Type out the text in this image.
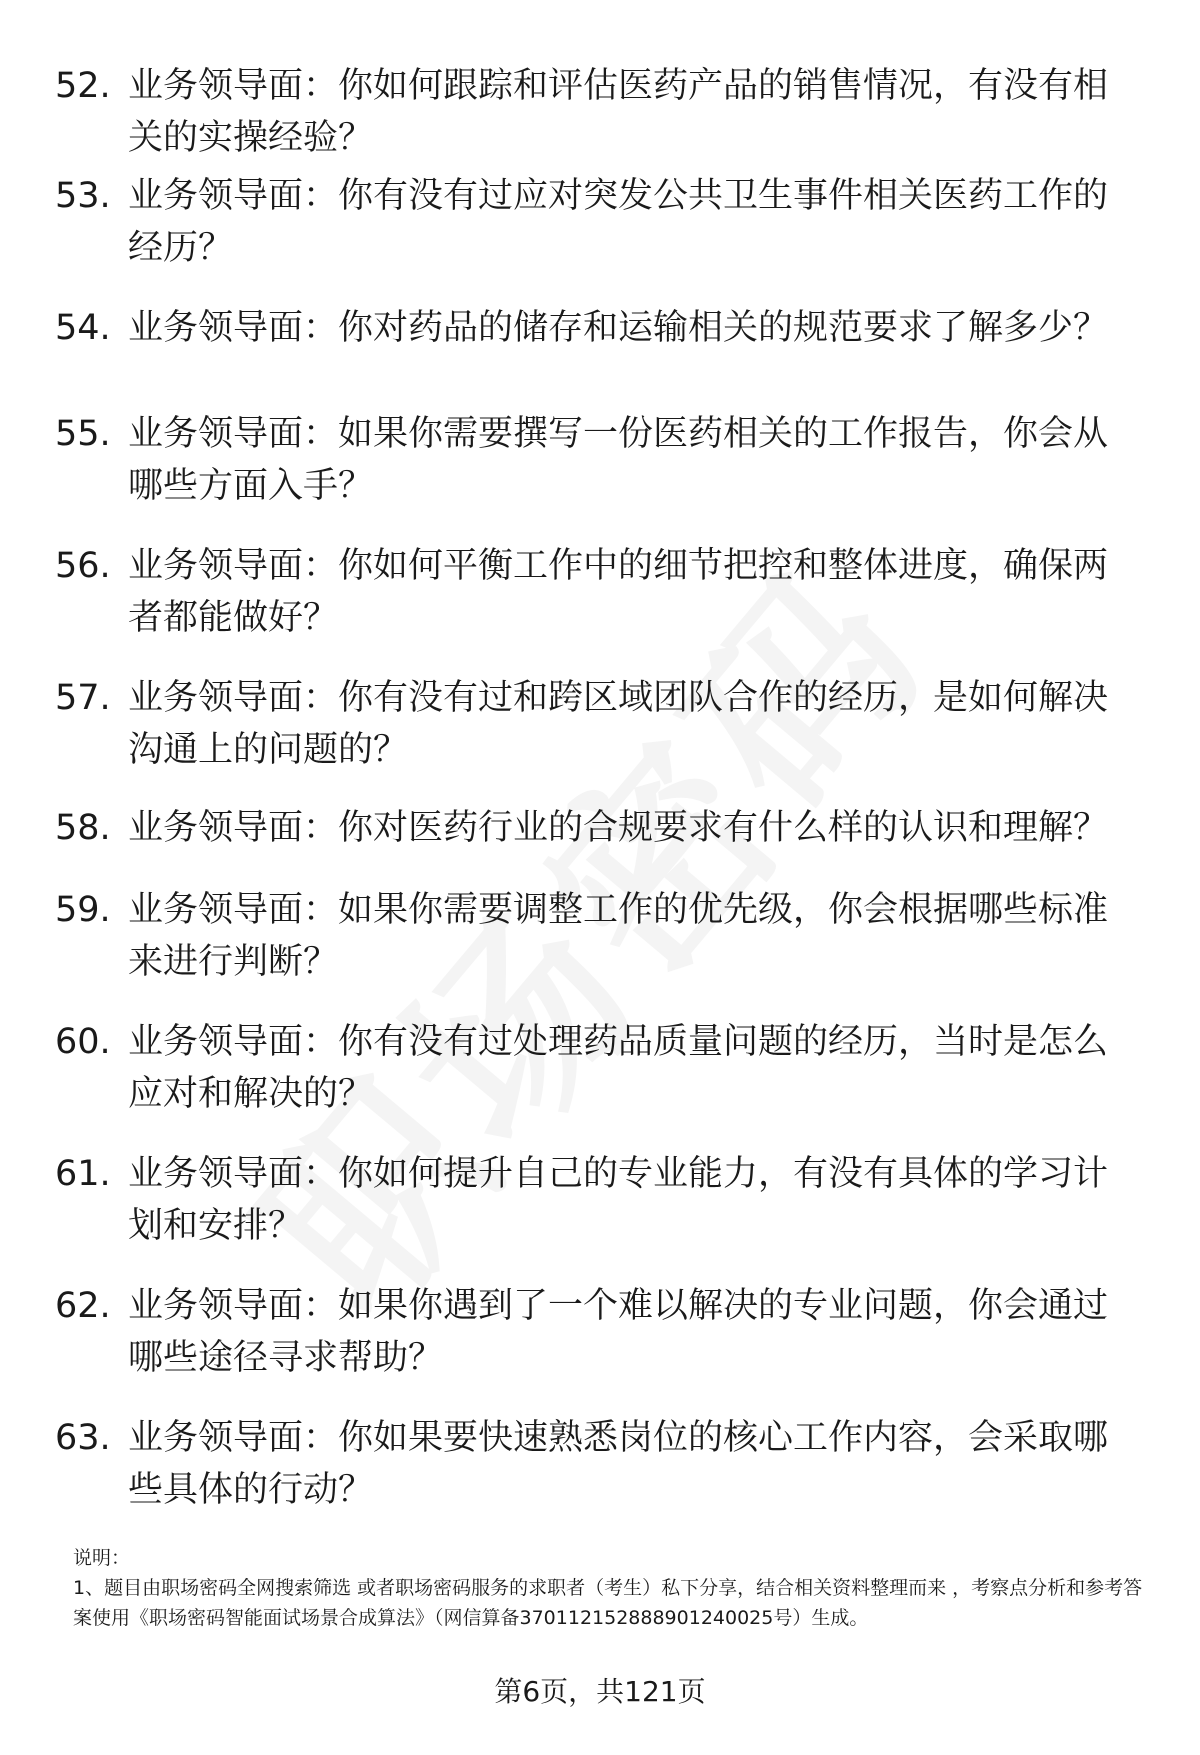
52. 业务领导面：你如何跟踪和评估医药产品的销售情况，有没有相关的实操经验？
53. 业务领导面：你有没有过应对突发公共卫生事件相关医药工作的经历？
54. 业务领导面：你对药品的储存和运输相关的规范要求了解多少？
55. 业务领导面：如果你需要撰写一份医药相关的工作报告，你会从哪些方面入手？
56. 业务领导面：你如何平衡工作中的细节把控和整体进度，确保两者都能做好？
57. 业务领导面：你有没有过和跨区域团队合作的经历，是如何解决沟通上的问题的？
58. 业务领导面：你对医药行业的合规要求有什么样的认识和理解？
59. 业务领导面：如果你需要调整工作的优先级，你会根据哪些标准来进行判断？
60. 业务领导面：你有没有过处理药品质量问题的经历，当时是怎么应对和解决的？
61. 业务领导面：你如何提升自己的专业能力，有没有具体的学习计划和安排？
62. 业务领导面：如果你遇到了一个难以解决的专业问题，你会通过哪些途径寻求帮助？
63. 业务领导面：你如果要快速熟悉岗位的核心工作内容，会采取哪些具体的行动？
说明：
1、题目由职场密码全网搜索筛选 或者职场密码服务的求职者（考生）私下分享，结合相关资料整理而来 ，考察点分析和参考答案使用《职场密码智能面试场景合成算法》（网信算备370112152888901240025号）生成。
第6页，共121页
